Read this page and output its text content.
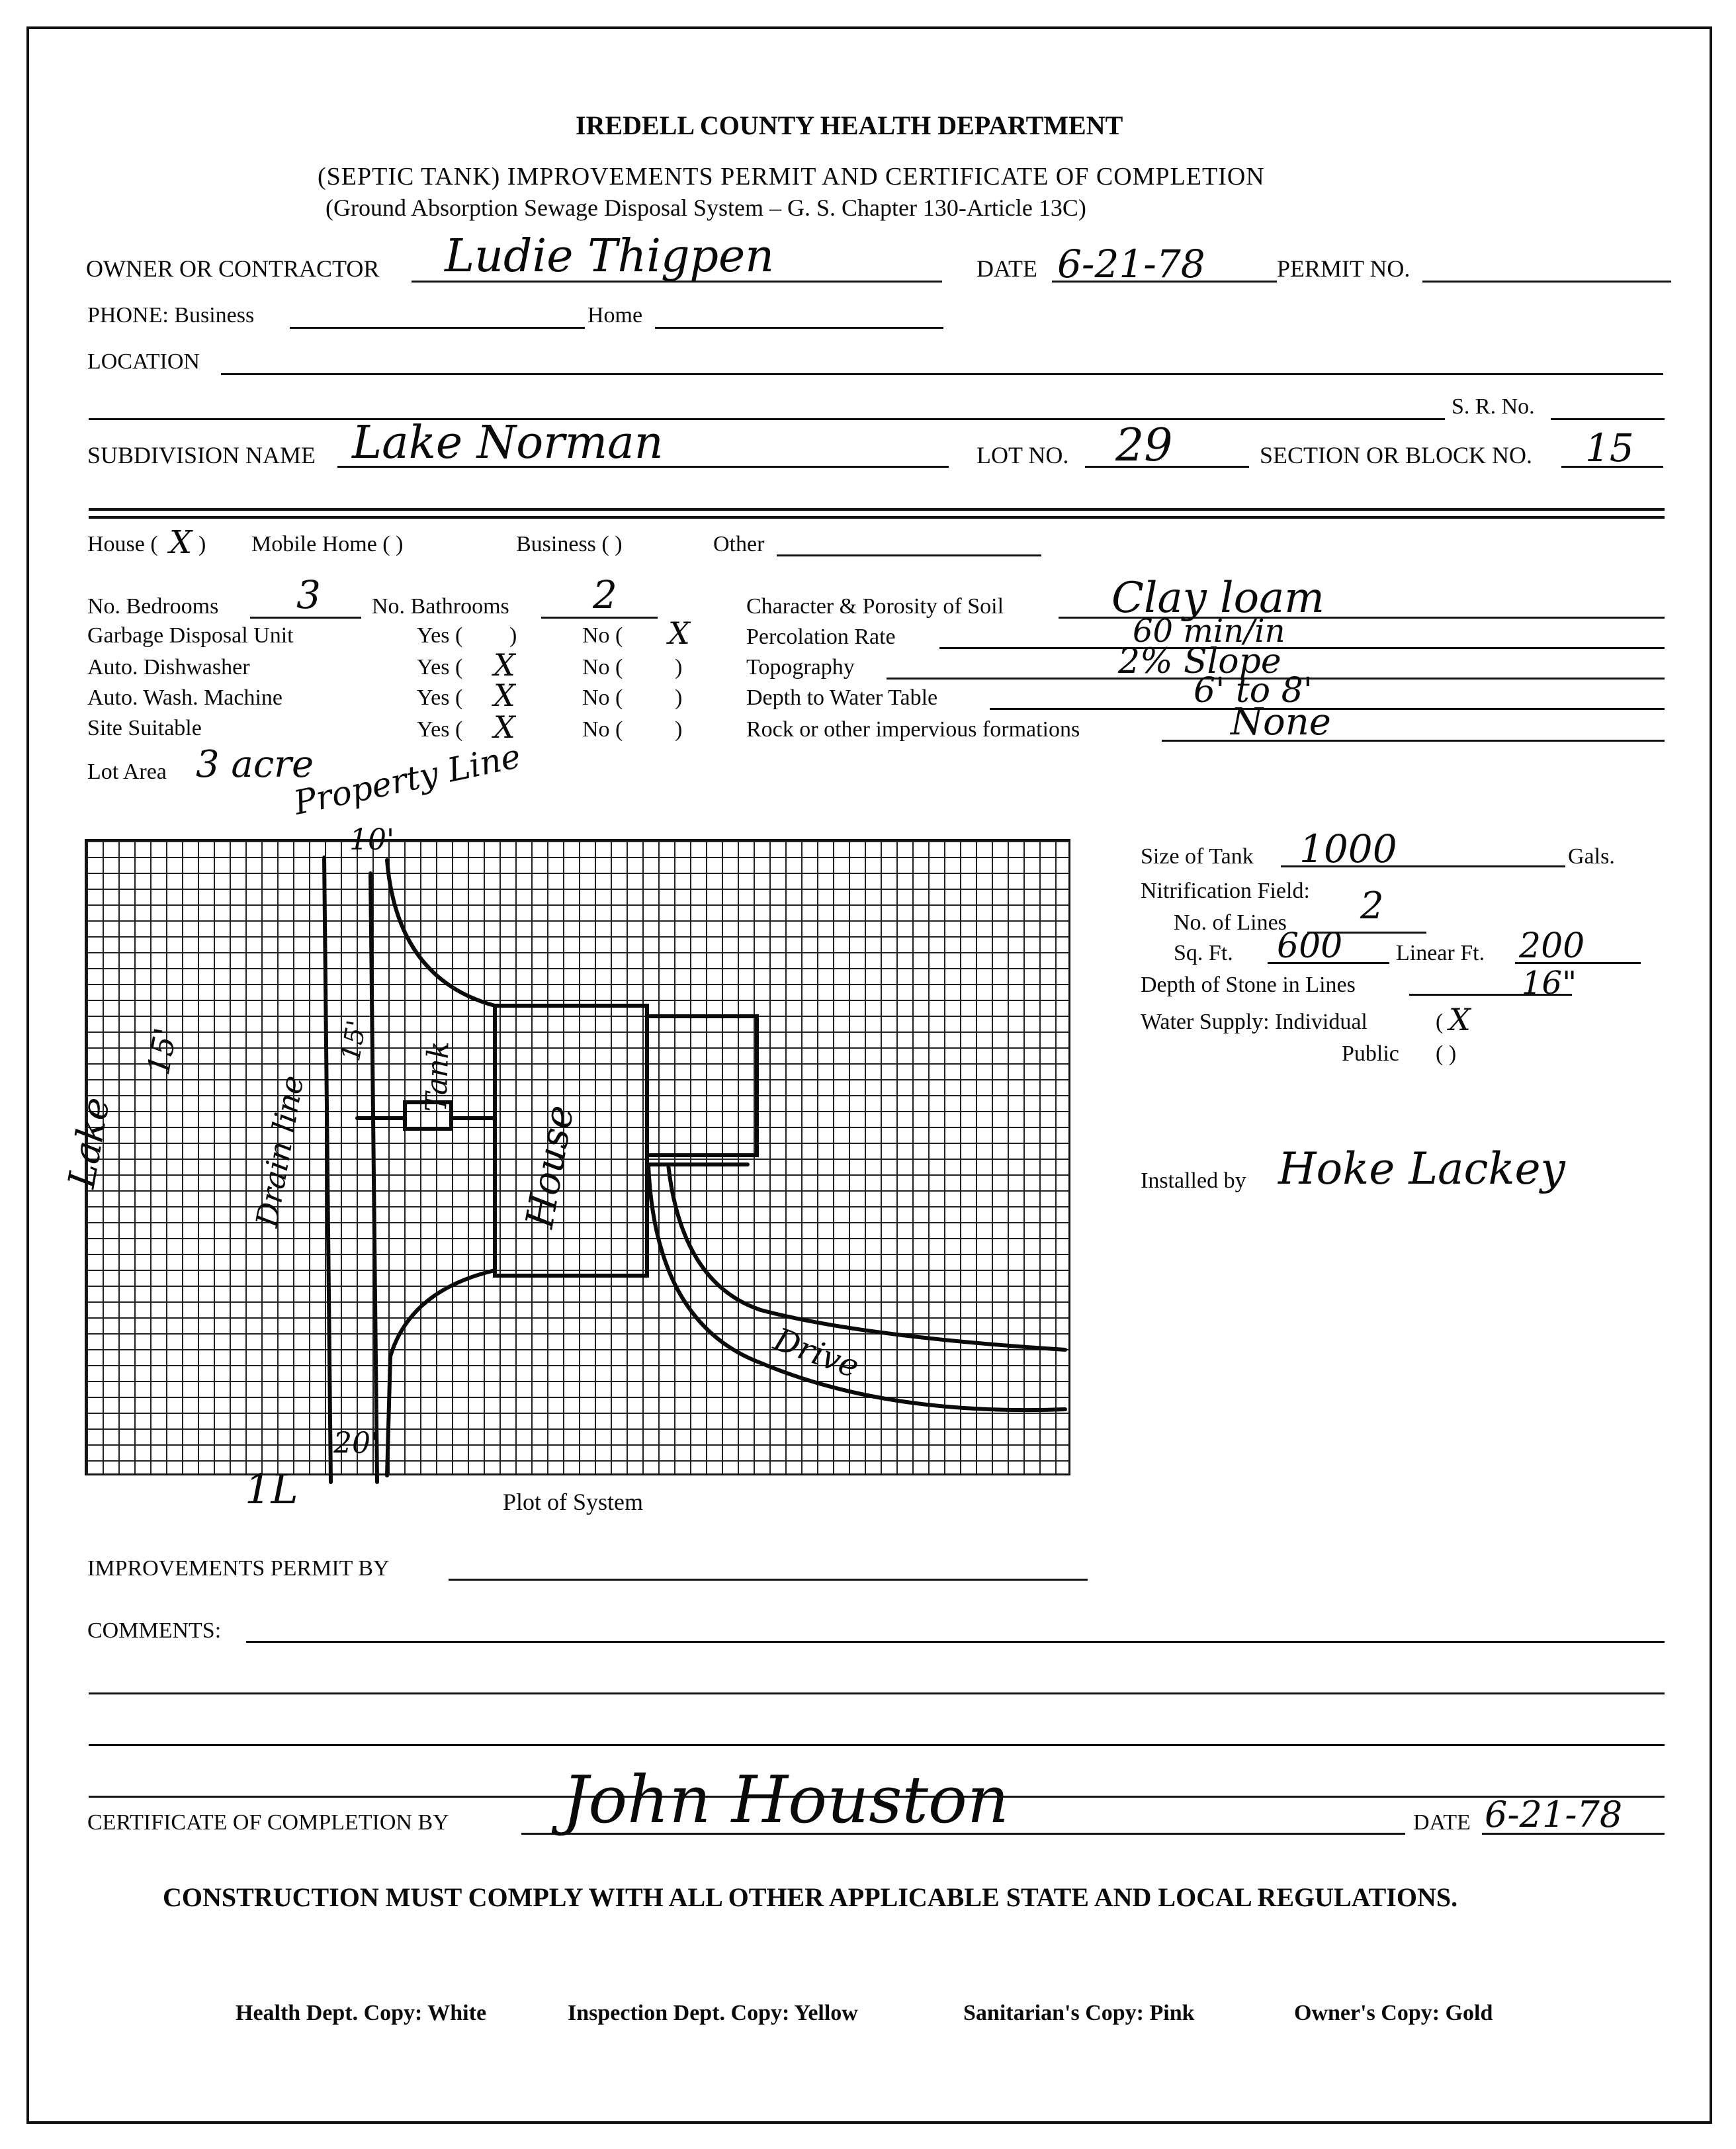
IREDELL COUNTY HEALTH DEPARTMENT
(SEPTIC TANK) IMPROVEMENTS PERMIT AND CERTIFICATE OF COMPLETION
(Ground Absorption Sewage Disposal System – G. S. Chapter 130-Article 13C)
OWNER OR CONTRACTOR Ludie Thigpen	DATE 6-21-78	PERMIT NO.
PHONE: Business	Home
LOCATION
S. R. No.
SUBDIVISION NAME Lake Norman	LOT NO. 29	SECTION OR BLOCK NO. 15
House ( X ) Mobile Home ( )	Business ( )	Other
No. Bedrooms 3 No. Bathrooms 2
Garbage Disposal Unit	Yes ( )	No ( X
Auto. Dishwasher	Yes ( X	No ( )
Auto. Wash. Machine	Yes ( X	No ( )
Site Suitable	Yes ( X	No ( )
Character & Porosity of Soil	Clay loam
Percolation Rate	60 min/in
Topography	2% Slope
Depth to Water Table	6' to 8'
Rock or other impervious formations	None
Lot Area 3 acre
Property Line
10'
Tank
House
Lake
Drive
Drain line
15'	15'
20'
1L	Plot of System
Size of Tank 1000	Gals.
Nitrification Field:
No. of Lines 2
Sq. Ft. 600 Linear Ft. 200
Depth of Stone in Lines	16"
Water Supply: Individual	( X
Public ( )
Installed by Hoke Lackey
IMPROVEMENTS PERMIT BY
COMMENTS:
CERTIFICATE OF COMPLETION BY John Houston	DATE 6-21-78
CONSTRUCTION MUST COMPLY WITH ALL OTHER APPLICABLE STATE AND LOCAL REGULATIONS.
Health Dept. Copy: White	Inspection Dept. Copy: Yellow	Sanitarian's Copy: Pink	Owner's Copy: Gold
